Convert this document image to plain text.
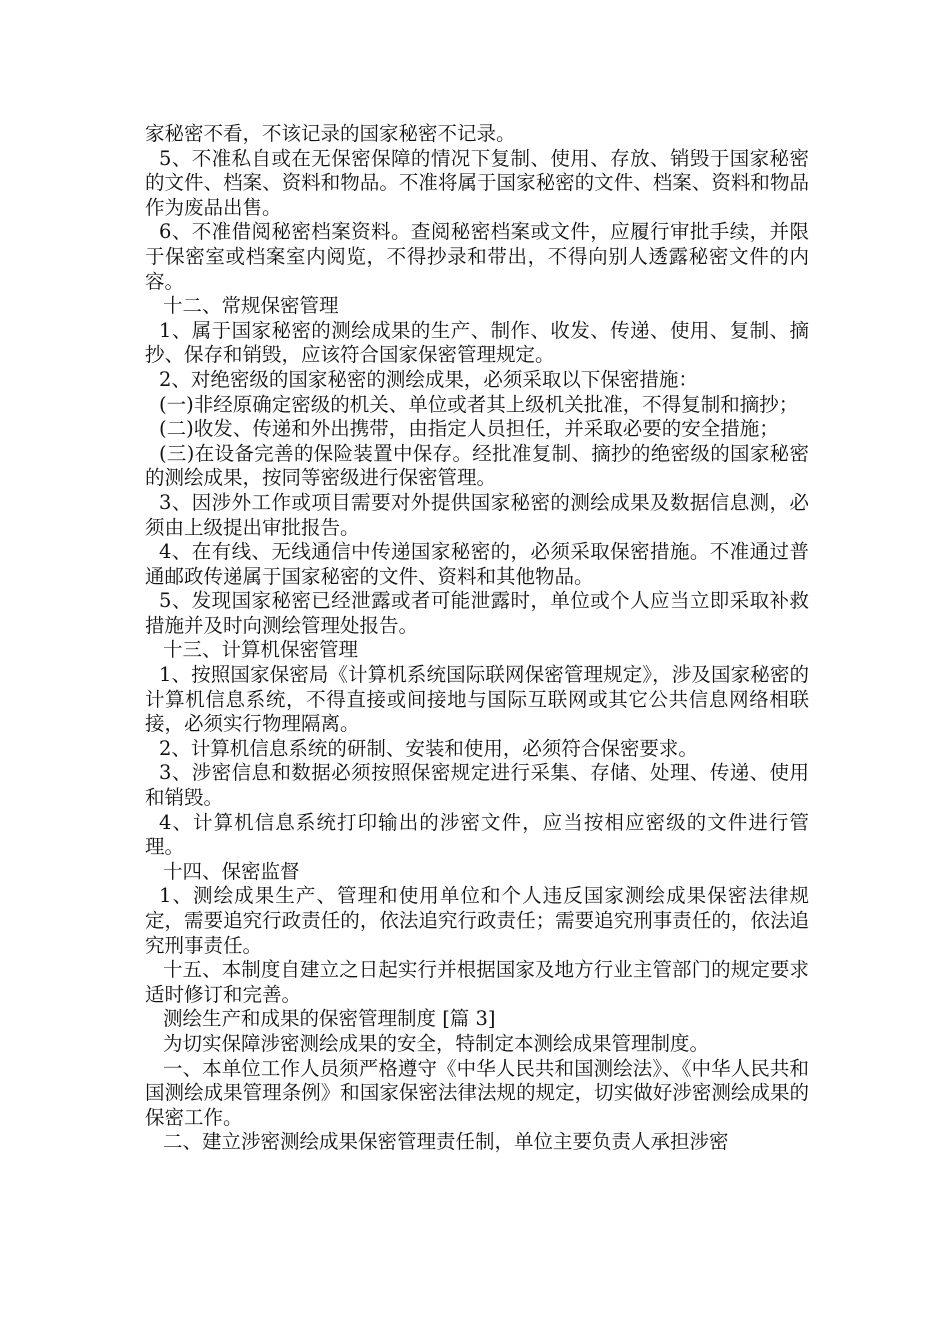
家秘密不看，不该记录的国家秘密不记录。

5、不准私自或在无保密保障的情况下复制、使用、存放、销毁于国家秘密的文件、档案、资料和物品。不准将属于国家秘密的文件、档案、资料和物品作为废品出售。

6、不准借阅秘密档案资料。查阅秘密档案或文件，应履行审批手续，并限于保密室或档案室内阅览，不得抄录和带出，不得向别人透露秘密文件的内容。

十二、常规保密管理

1、属于国家秘密的测绘成果的生产、制作、收发、传递、使用、复制、摘抄、保存和销毁，应该符合国家保密管理规定。

2、对绝密级的国家秘密的测绘成果，必须采取以下保密措施：

(一)非经原确定密级的机关、单位或者其上级机关批准，不得复制和摘抄；

(二)收发、传递和外出携带，由指定人员担任，并采取必要的安全措施；

(三)在设备完善的保险装置中保存。经批准复制、摘抄的绝密级的国家秘密的测绘成果，按同等密级进行保密管理。

3、因涉外工作或项目需要对外提供国家秘密的测绘成果及数据信息测，必须由上级提出审批报告。

4、在有线、无线通信中传递国家秘密的，必须采取保密措施。不准通过普通邮政传递属于国家秘密的文件、资料和其他物品。

5、发现国家秘密已经泄露或者可能泄露时，单位或个人应当立即采取补救措施并及时向测绘管理处报告。

十三、计算机保密管理

1、按照国家保密局《计算机系统国际联网保密管理规定》，涉及国家秘密的计算机信息系统，不得直接或间接地与国际互联网或其它公共信息网络相联接，必须实行物理隔离。

2、计算机信息系统的研制、安装和使用，必须符合保密要求。

3、涉密信息和数据必须按照保密规定进行采集、存储、处理、传递、使用和销毁。

4、计算机信息系统打印输出的涉密文件，应当按相应密级的文件进行管理。

十四、保密监督

1、测绘成果生产、管理和使用单位和个人违反国家测绘成果保密法律规定，需要追究行政责任的，依法追究行政责任；需要追究刑事责任的，依法追究刑事责任。

十五、本制度自建立之日起实行并根据国家及地方行业主管部门的规定要求适时修订和完善。

测绘生产和成果的保密管理制度 [篇 3]

为切实保障涉密测绘成果的安全，特制定本测绘成果管理制度。

一、本单位工作人员须严格遵守《中华人民共和国测绘法》、《中华人民共和国测绘成果管理条例》和国家保密法律法规的规定，切实做好涉密测绘成果的保密工作。

二、建立涉密测绘成果保密管理责任制，单位主要负责人承担涉密
